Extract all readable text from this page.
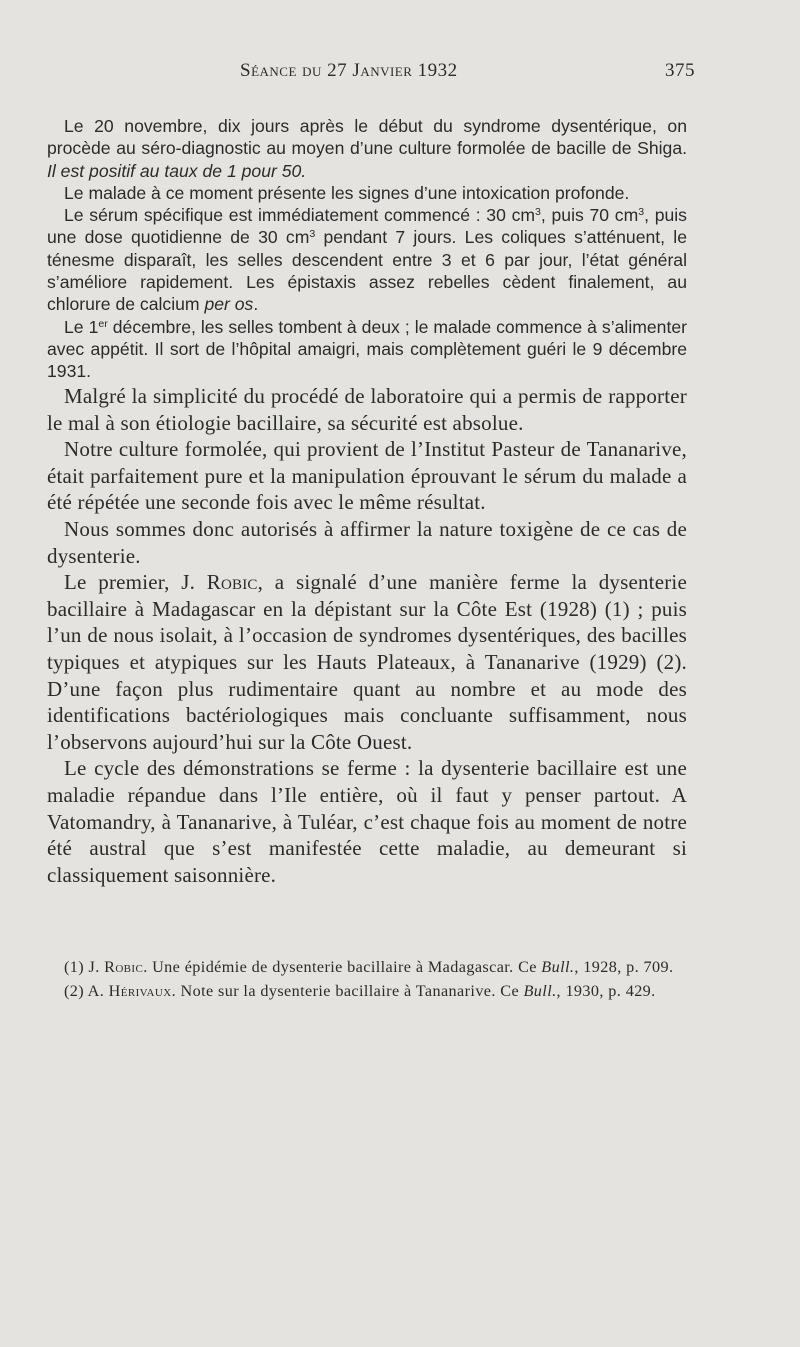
Séance du 27 Janvier 1932	375

Le 20 novembre, dix jours après le début du syndrome dysentérique, on procède au séro-diagnostic au moyen d’une culture formolée de bacille de Shiga. Il est positif au taux de 1 pour 50.

Le malade à ce moment présente les signes d’une intoxication profonde.

Le sérum spécifique est immédiatement commencé : 30 $cm^3$, puis 70 $cm^3$, puis une dose quotidienne de 30 $cm^3$ pendant 7 jours. Les coliques s’atténuent, le ténesme disparaît, les selles descendent entre 3 et 6 par jour, l’état général s’améliore rapidement. Les épistaxis assez rebelles cèdent finalement, au chlorure de calcium per os.

Le 1er décembre, les selles tombent à deux ; le malade commence à s’alimenter avec appétit. Il sort de l’hôpital amaigri, mais complètement guéri le 9 décembre 1931.

Malgré la simplicité du procédé de laboratoire qui a permis de rapporter le mal à son étiologie bacillaire, sa sécurité est absolue.

Notre culture formolée, qui provient de l’Institut Pasteur de Tananarive, était parfaitement pure et la manipulation éprouvant le sérum du malade a été répétée une seconde fois avec le même résultat.

Nous sommes donc autorisés à affirmer la nature toxigène de ce cas de dysenterie.

Le premier, J. Robic, a signalé d’une manière ferme la dysenterie bacillaire à Madagascar en la dépistant sur la Côte Est (1928) (1) ; puis l’un de nous isolait, à l’occasion de syndromes dysentériques, des bacilles typiques et atypiques sur les Hauts Plateaux, à Tananarive (1929) (2). D’une façon plus rudimentaire quant au nombre et au mode des identifications bactériologiques mais concluante suffisamment, nous l’observons aujourd’hui sur la Côte Ouest.

Le cycle des démonstrations se ferme : la dysenterie bacillaire est une maladie répandue dans l’Ile entière, où il faut y penser partout. A Vatomandry, à Tananarive, à Tuléar, c’est chaque fois au moment de notre été austral que s’est manifestée cette maladie, au demeurant si classiquement saisonnière.

(1) J. Robic. Une épidémie de dysenterie bacillaire à Madagascar. Ce Bull., 1928, p. 709.

(2) A. Hérivaux. Note sur la dysenterie bacillaire à Tananarive. Ce Bull., 1930, p. 429.
